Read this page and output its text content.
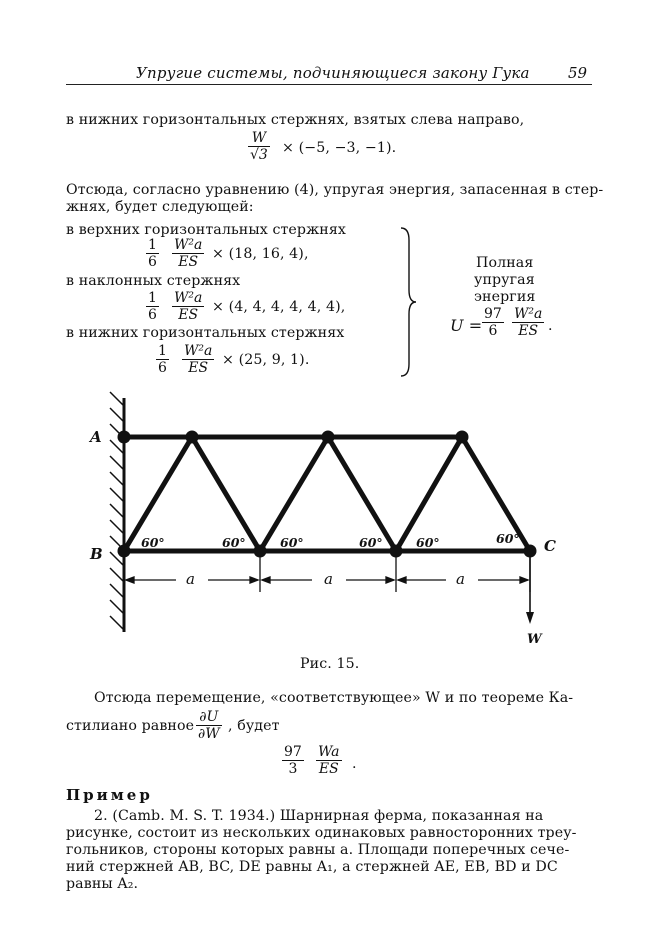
Упругие системы, подчиняющиеся закону Гука	59
в нижних горизонтальных стержнях, взятых слева направо,
$\frac{W}{√3} \times (-5$, −3, −1).
Отсюда, согласно уравнению (4), упругая энергия, запасенная в стер-
жнях, будет следующей:
в верхних горизонтальных стержнях
$\frac{1}{6} \frac{\text{W²a}}{ES} \times (18$, 16, 4),
в наклонных стержнях
$\frac{1}{6} \frac{\text{W²a}}{ES} \times (4$, 4, 4, 4, 4, 4),
в нижних горизонтальных стержнях
$\frac{1}{6} \frac{\text{W²a}}{ES} \times (25$, 9, 1).
Полная
упругая
энергия
$U = \frac{97}{6} \frac{\text{W²a}}{ES}$ .
A
B	C
W
60°	60°	60°	60°	60°	60°
a	a	a
Рис. 15.
Отсюда перемещение, «соответствующее» W и по теореме Ка-
стилиано равное $\frac{\partial U}{\partial W}$ , будет
$\frac{97}{3} \frac{Wa}{ES}$ .
Пример
2. (Camb. M. S. T. 1934.) Шарнирная ферма, показанная на
рисунке, состоит из нескольких одинаковых равносторонних треу-
гольников, стороны которых равны a. Площади поперечных сече-
ний стержней AB, BC, DE равны A₁, а стержней AE, EB, BD и DC
равны A₂.
